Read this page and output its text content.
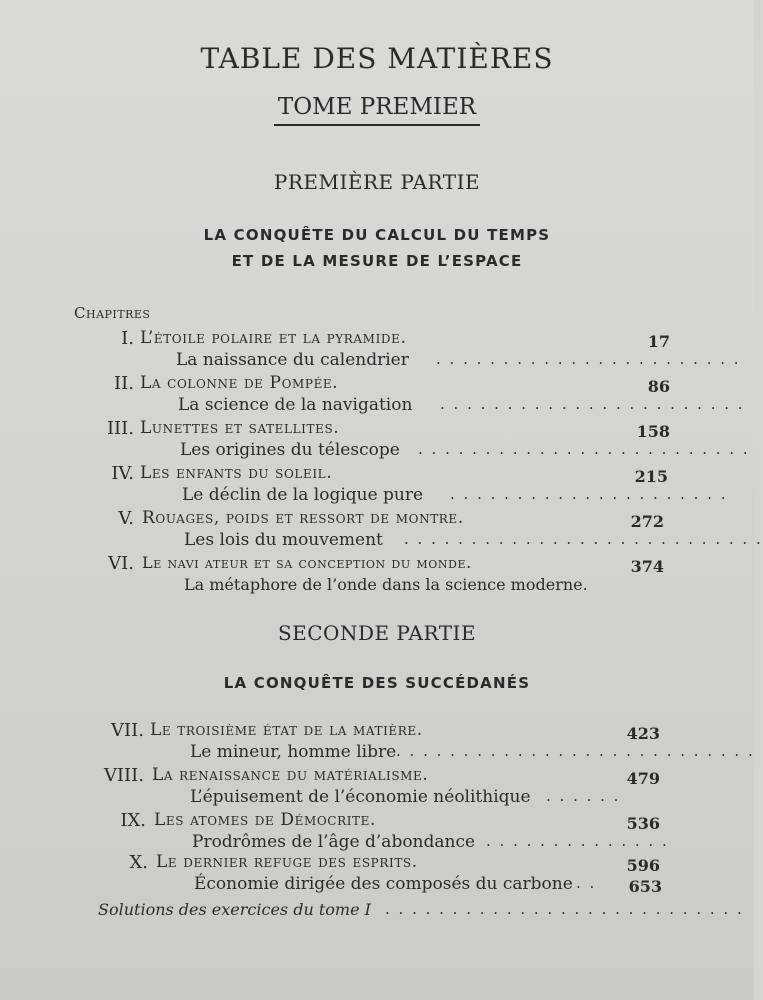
TABLE DES MATIÈRES
TOME PREMIER
PREMIÈRE PARTIE
LA CONQUÊTE DU CALCUL DU TEMPS
ET DE LA MESURE DE L’ESPACE
Chapitres
I. L’étoile polaire et la pyramide.
La naissance du calendrier . . . . . . . . . . . . . . . . . . . . . . .
17
II. La colonne de Pompée.
La science de la navigation . . . . . . . . . . . . . . . . . . . . . . .
86
III. Lunettes et satellites.
Les origines du télescope . . . . . . . . . . . . . . . . . . . . . . . . .
158
IV. Les enfants du soleil.
Le déclin de la logique pure . . . . . . . . . . . . . . . . . . . . .
215
V. Rouages, poids et ressort de montre.
Les lois du mouvement . . . . . . . . . . . . . . . . . . . . . . . . . . .
272
VI. Le navi ateur et sa conception du monde.
La métaphore de l’onde dans la science moderne.
374
SECONDE PARTIE
LA CONQUÊTE DES SUCCÉDANÉS
VII. Le troisième état de la matière.
Le mineur, homme libre . . . . . . . . . . . . . . . . . . . . . . . . . . .
423
VIII. La renaissance du matérialisme.
L’épuisement de l’économie néolithique . . . . . .
479
IX. Les atomes de Démocrite.
Prodrômes de l’âge d’abondance . . . . . . . . . . . . . .
536
X. Le dernier refuge des esprits.
Économie dirigée des composés du carbone . .
596
Solutions des exercices du tome I . . . . . . . . . . . . . . . . . . . . . . . . . . .
653
